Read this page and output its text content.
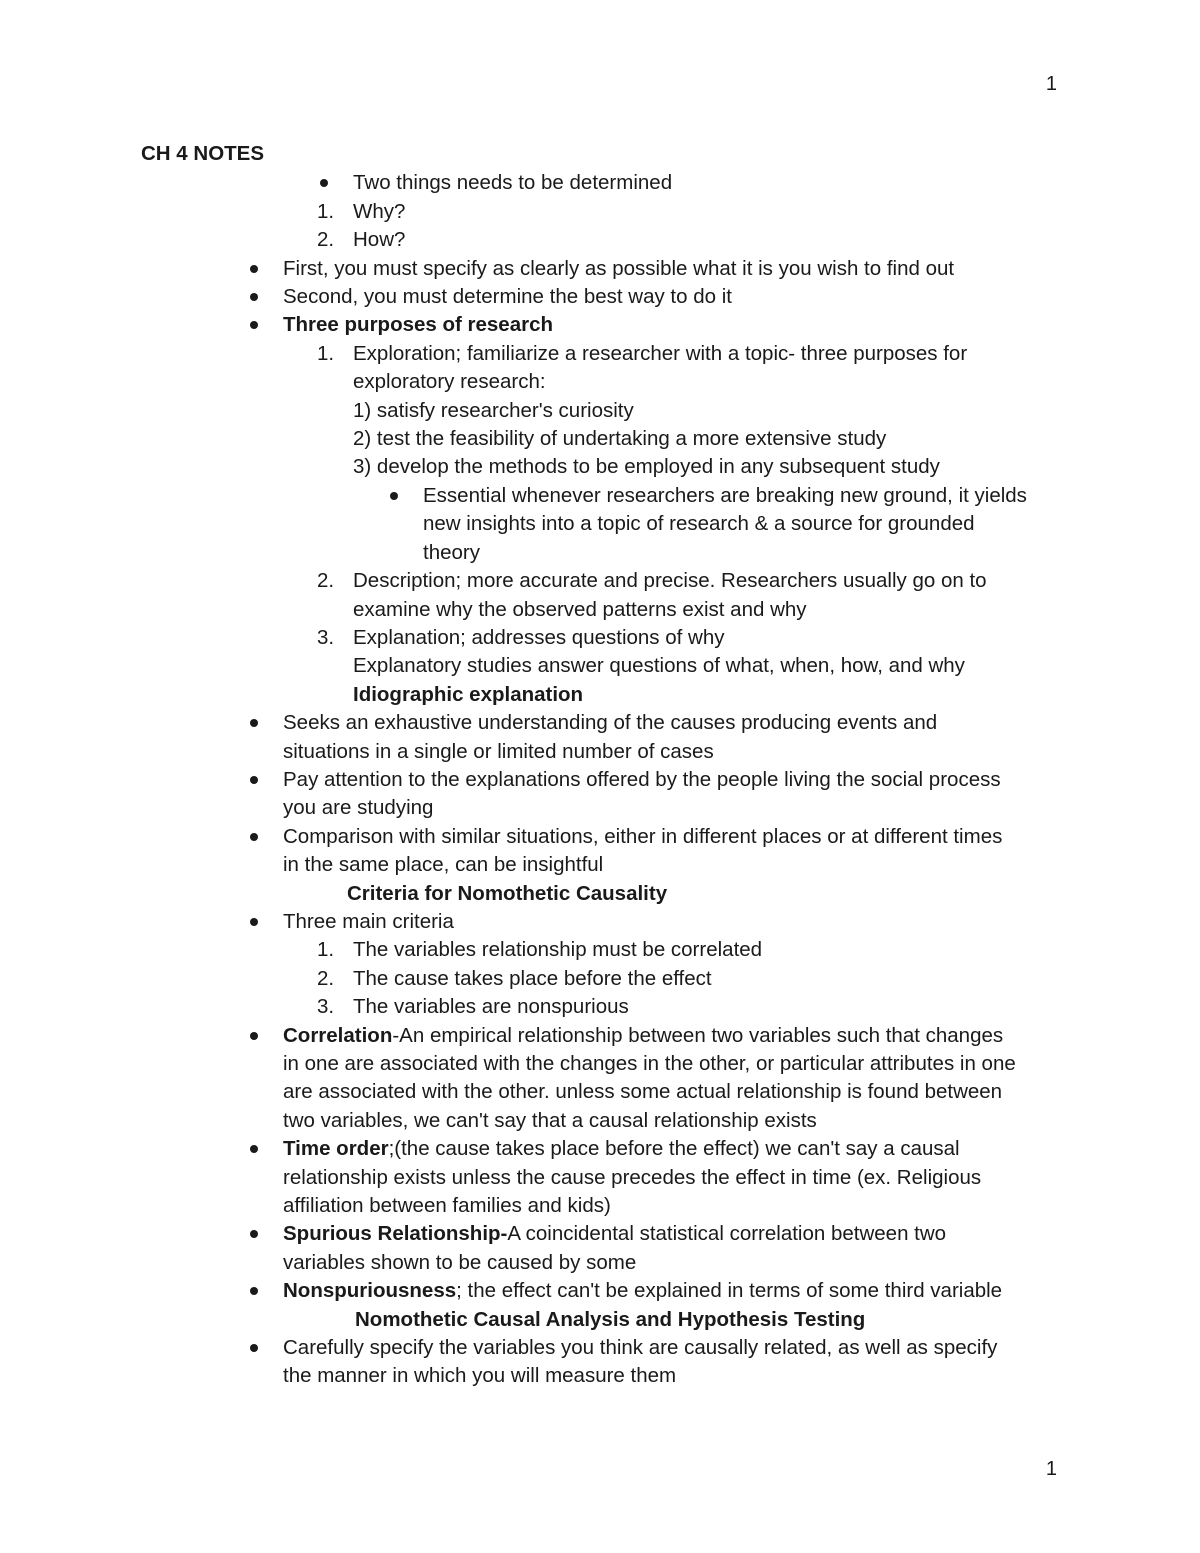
1
CH 4 NOTES
Two things needs to be determined
1. Why?
2. How?
First, you must specify as clearly as possible what it is you wish to find out
Second, you must determine the best way to do it
Three purposes of research
1. Exploration; familiarize a researcher with a topic- three purposes for
exploratory research:
1) satisfy researcher's curiosity
2) test the feasibility of undertaking a more extensive study
3) develop the methods to be employed in any subsequent study
Essential whenever researchers are breaking new ground, it yields
new insights into a topic of research & a source for grounded
theory
2. Description; more accurate and precise. Researchers usually go on to
examine why the observed patterns exist and why
3. Explanation; addresses questions of why
Explanatory studies answer questions of what, when, how, and why
Idiographic explanation
Seeks an exhaustive understanding of the causes producing events and
situations in a single or limited number of cases
Pay attention to the explanations offered by the people living the social process
you are studying
Comparison with similar situations, either in different places or at different times
in the same place, can be insightful
Criteria for Nomothetic Causality
Three main criteria
1. The variables relationship must be correlated
2. The cause takes place before the effect
3. The variables are nonspurious
Correlation-An empirical relationship between two variables such that changes
in one are associated with the changes in the other, or particular attributes in one
are associated with the other. unless some actual relationship is found between
two variables, we can't say that a causal relationship exists
Time order;(the cause takes place before the effect) we can't say a causal
relationship exists unless the cause precedes the effect in time (ex. Religious
affiliation between families and kids)
Spurious Relationship-A coincidental statistical correlation between two
variables shown to be caused by some
Nonspuriousness; the effect can't be explained in terms of some third variable
Nomothetic Causal Analysis and Hypothesis Testing
Carefully specify the variables you think are causally related, as well as specify
the manner in which you will measure them
1
